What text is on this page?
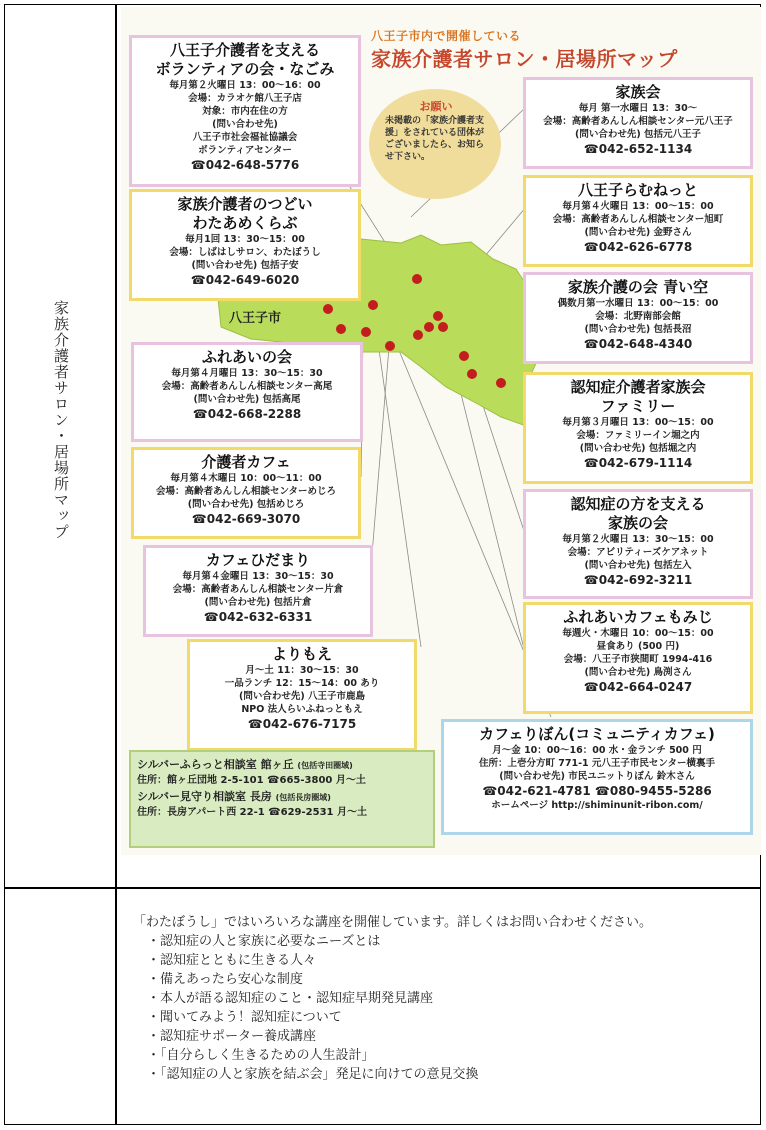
家族介護者サロン・居場所マップ
八王子市内で開催している
家族介護者サロン・居場所マップ
お願い
未掲載の「家族介護者支援」をされている団体がございましたら、お知らせ下さい。
八王子市
八王子介護者を支える
ボランティアの会・なごみ
毎月第２火曜日 13：00〜16：00
会場：カラオケ館八王子店
対象：市内在住の方
(問い合わせ先)
八王子市社会福祉協議会
ボランティアセンター
☎042-648-5776
家族介護者のつどい
わたあめくらぶ
毎月1回 13：30〜15：00
会場：しばはしサロン、わたぼうし
(問い合わせ先) 包括子安
☎042-649-6020
ふれあいの会
毎月第４月曜日 13：30〜15：30
会場：高齢者あんしん相談センター高尾
(問い合わせ先) 包括高尾
☎042-668-2288
介護者カフェ
毎月第４木曜日 10：00〜11：00
会場：高齢者あんしん相談センターめじろ
(問い合わせ先) 包括めじろ
☎042-669-3070
カフェひだまり
毎月第４金曜日 13：30〜15：30
会場：高齢者あんしん相談センター片倉
(問い合わせ先) 包括片倉
☎042-632-6331
よりもえ
月〜土 11：30〜15：30
一品ランチ 12：15〜14：00 あり
(問い合わせ先) 八王子市鹿島
NPO 法人らいふねっともえ
☎042-676-7175
家族会
毎月 第一水曜日 13：30〜
会場：高齢者あんしん相談センター元八王子
(問い合わせ先) 包括元八王子
☎042-652-1134
八王子らむねっと
毎月第４火曜日 13：00〜15：00
会場：高齢者あんしん相談センター旭町
(問い合わせ先) 金野さん
☎042-626-6778
家族介護の会 青い空
偶数月第一水曜日 13：00〜15：00
会場：北野南部会館
(問い合わせ先) 包括長沼
☎042-648-4340
認知症介護者家族会
ファミリー
毎月第３月曜日 13：00〜15：00
会場：ファミリーイン堀之内
(問い合わせ先) 包括堀之内
☎042-679-1114
認知症の方を支える
家族の会
毎月第２火曜日 13：30〜15：00
会場：アビリティーズケアネット
(問い合わせ先) 包括左入
☎042-692-3211
ふれあいカフェもみじ
毎週火・木曜日 10：00〜15：00
昼食あり (500 円)
会場：八王子市狭間町 1994-416
(問い合わせ先) 鳥渕さん
☎042-664-0247
カフェりぼん(コミュニティカフェ)
月〜金 10：00〜16：00 水・金ランチ 500 円
住所：上壱分方町 771-1 元八王子市民センター横裏手
(問い合わせ先) 市民ユニットりぼん 鈴木さん
☎042-621-4781 ☎080-9455-5286
ホームページ http://shiminunit-ribon.com/
シルバーふらっと相談室 館ヶ丘 (包括寺田圏域)
住所：館ヶ丘団地 2-5-101 ☎665-3800 月〜土
シルバー見守り相談室 長房 (包括長房圏域)
住所：長房アパート西 22-1 ☎629-2531 月〜土
「わたぼうし」ではいろいろな講座を開催しています。詳しくはお問い合わせください。
・ 認知症の人と家族に必要なニーズとは
・ 認知症とともに生きる人々
・ 備えあったら安心な制度
・ 本人が語る認知症のこと・認知症早期発見講座
・ 聞いてみよう！認知症について
・ 認知症サポーター養成講座
・ 「自分らしく生きるための人生設計」
・ 「認知症の人と家族を結ぶ会」発足に向けての意見交換
